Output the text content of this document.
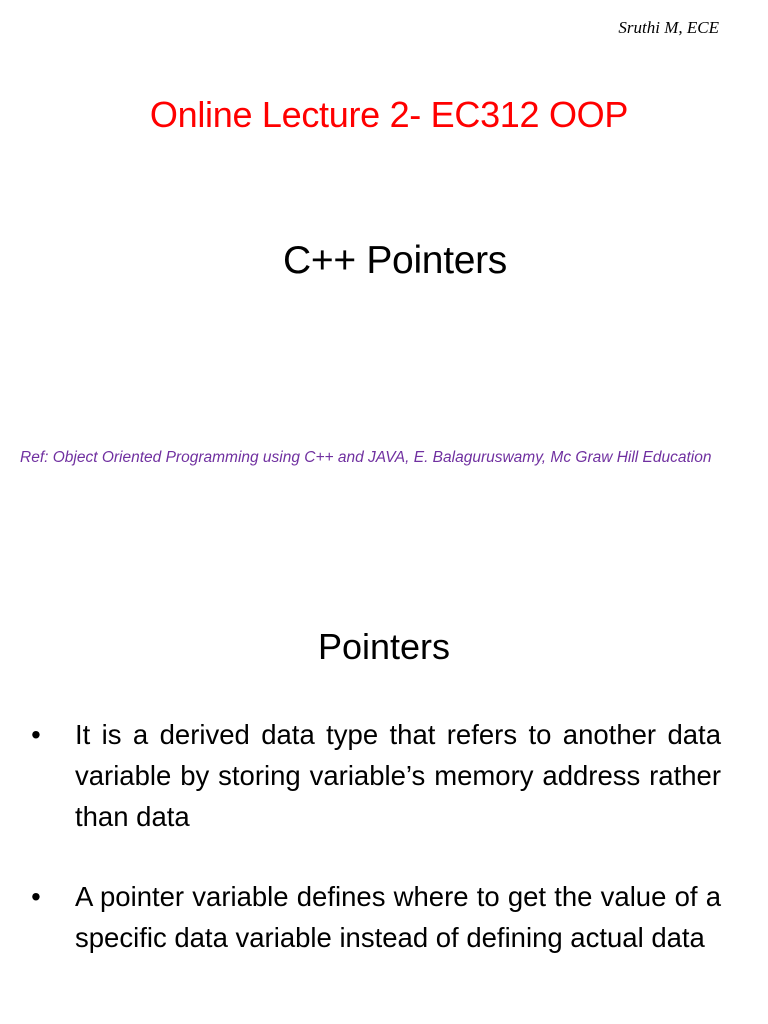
Sruthi M, ECE
Online Lecture 2- EC312 OOP
C++ Pointers
Ref: Object Oriented Programming using C++ and JAVA, E. Balaguruswamy, Mc Graw Hill Education
Pointers
• It is a derived data type that refers to another data variable by storing variable’s memory address rather than data
• A pointer variable defines where to get the value of a specific data variable instead of defining actual data
